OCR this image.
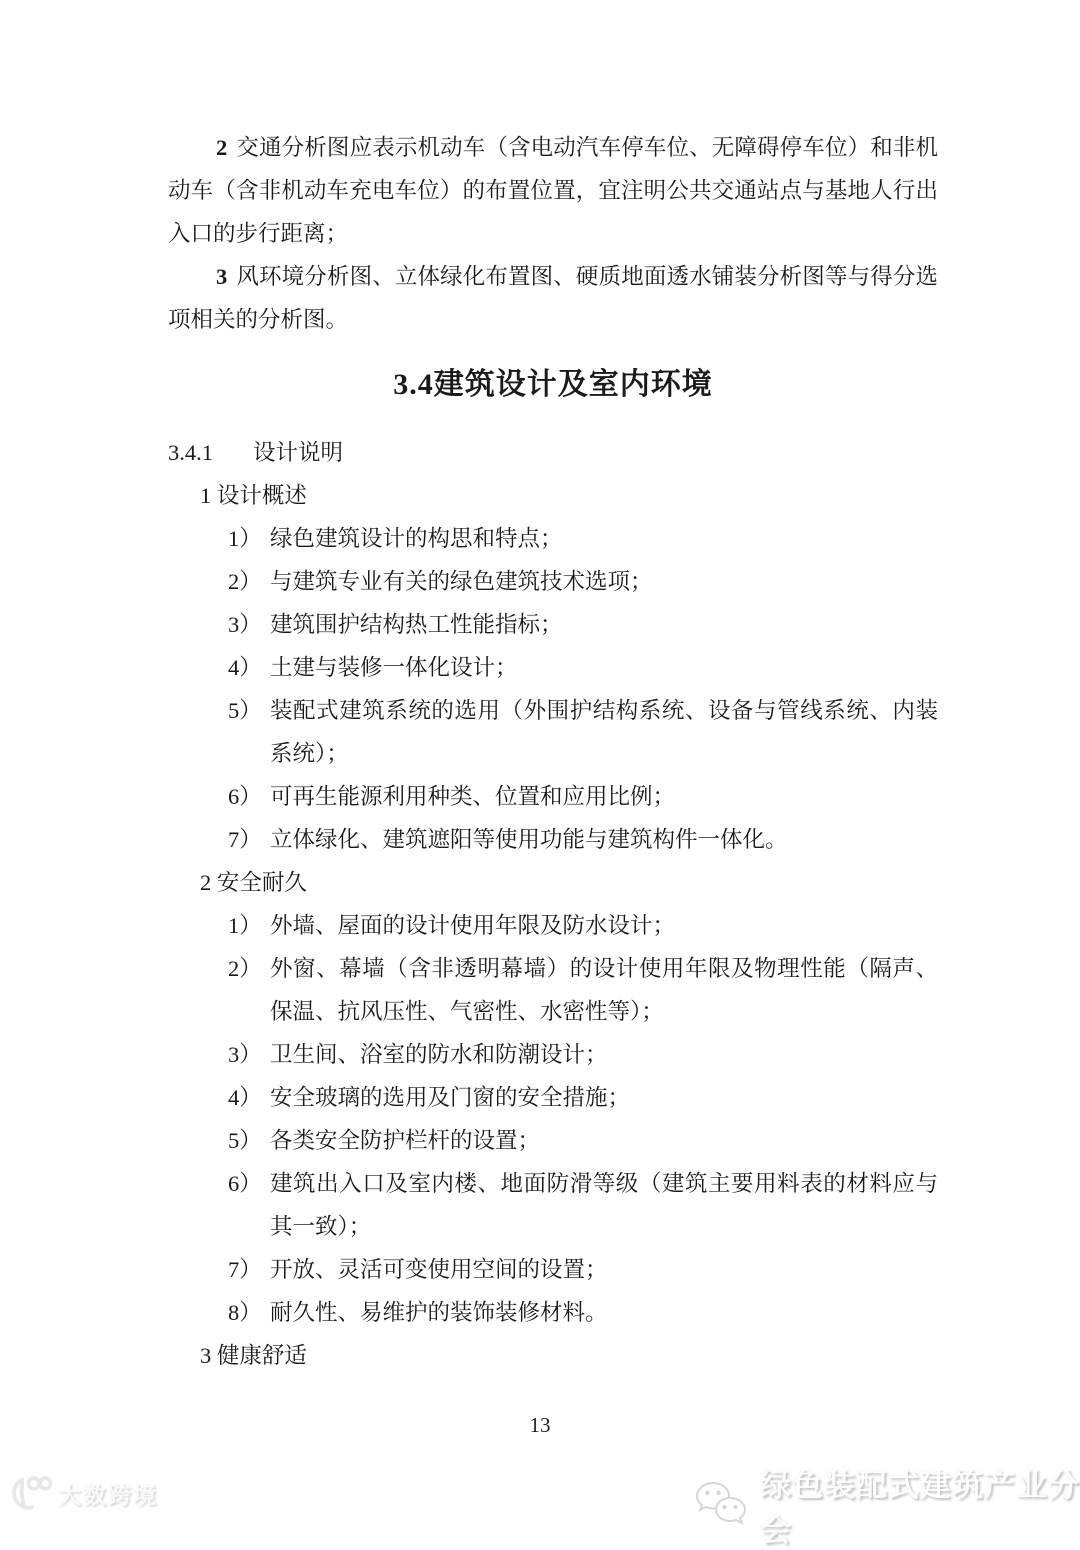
2 交通分析图应表示机动车（含电动汽车停车位、无障碍停车位）和非机动车（含非机动车充电车位）的布置位置，宜注明公共交通站点与基地人行出入口的步行距离；

3 风环境分析图、立体绿化布置图、硬质地面透水铺装分析图等与得分选项相关的分析图。

3.4建筑设计及室内环境
3.4.1 设计说明
1 设计概述
1） 绿色建筑设计的构思和特点；
2） 与建筑专业有关的绿色建筑技术选项；
3） 建筑围护结构热工性能指标；
4） 土建与装修一体化设计；
5） 装配式建筑系统的选用（外围护结构系统、设备与管线系统、内装系统）；
6） 可再生能源利用种类、位置和应用比例；
7） 立体绿化、建筑遮阳等使用功能与建筑构件一体化。
2 安全耐久
1） 外墙、屋面的设计使用年限及防水设计；
2） 外窗、幕墙（含非透明幕墙）的设计使用年限及物理性能（隔声、保温、抗风压性、气密性、水密性等）；
3） 卫生间、浴室的防水和防潮设计；
4） 安全玻璃的选用及门窗的安全措施；
5） 各类安全防护栏杆的设置；
6） 建筑出入口及室内楼、地面防滑等级（建筑主要用料表的材料应与其一致）；
7） 开放、灵活可变使用空间的设置；
8） 耐久性、易维护的装饰装修材料。
3 健康舒适
13
大数跨境	绿色装配式建筑产业分会
